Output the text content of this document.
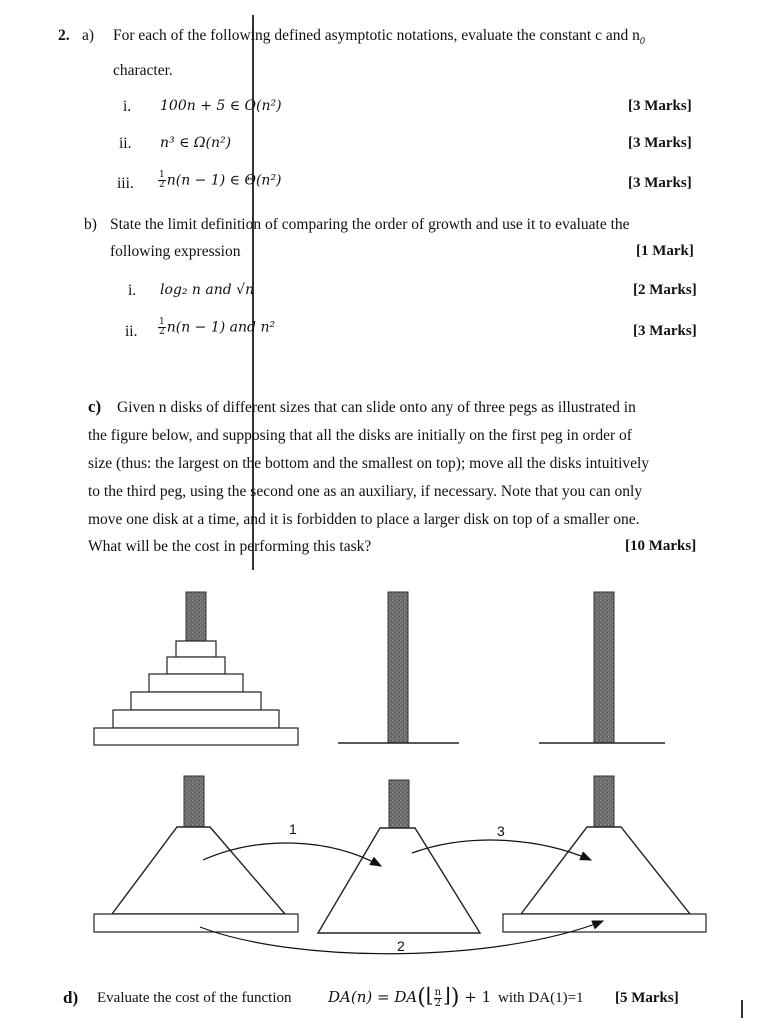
2. a) For each of the following defined asymptotic notations, evaluate the constant c and $n_0$
character.
i. 100n + 5 ∈ O(n²)	[3 Marks]
ii. n³ ∈ Ω(n²)	[3 Marks]
iii.	$\frac{1}{2} n(n - 1)$ ∈ Θ(n²)	[3 Marks]
b) State the limit definition of comparing the order of growth and use it to evaluate the
following expression	[1 Mark]
i. log₂ n and √n	[2 Marks]
ii. $\frac{1}{2} n(n - 1)$ and n²	[3 Marks]
c) Given n disks of different sizes that can slide onto any of three pegs as illustrated in
the figure below, and supposing that all the disks are initially on the first peg in order of
size (thus: the largest on the bottom and the smallest on top); move all the disks intuitively
to the third peg, using the second one as an auxiliary, if necessary. Note that you can only
move one disk at a time, and it is forbidden to place a larger disk on top of a smaller one.
What will be the cost in performing this task?	[10 Marks]
1	3
2
d) Evaluate the cost of the function DA(n) = DA(⌊ $\frac{n}{2}$ ⌋) + 1 with DA(1)=1 [5 Marks]
